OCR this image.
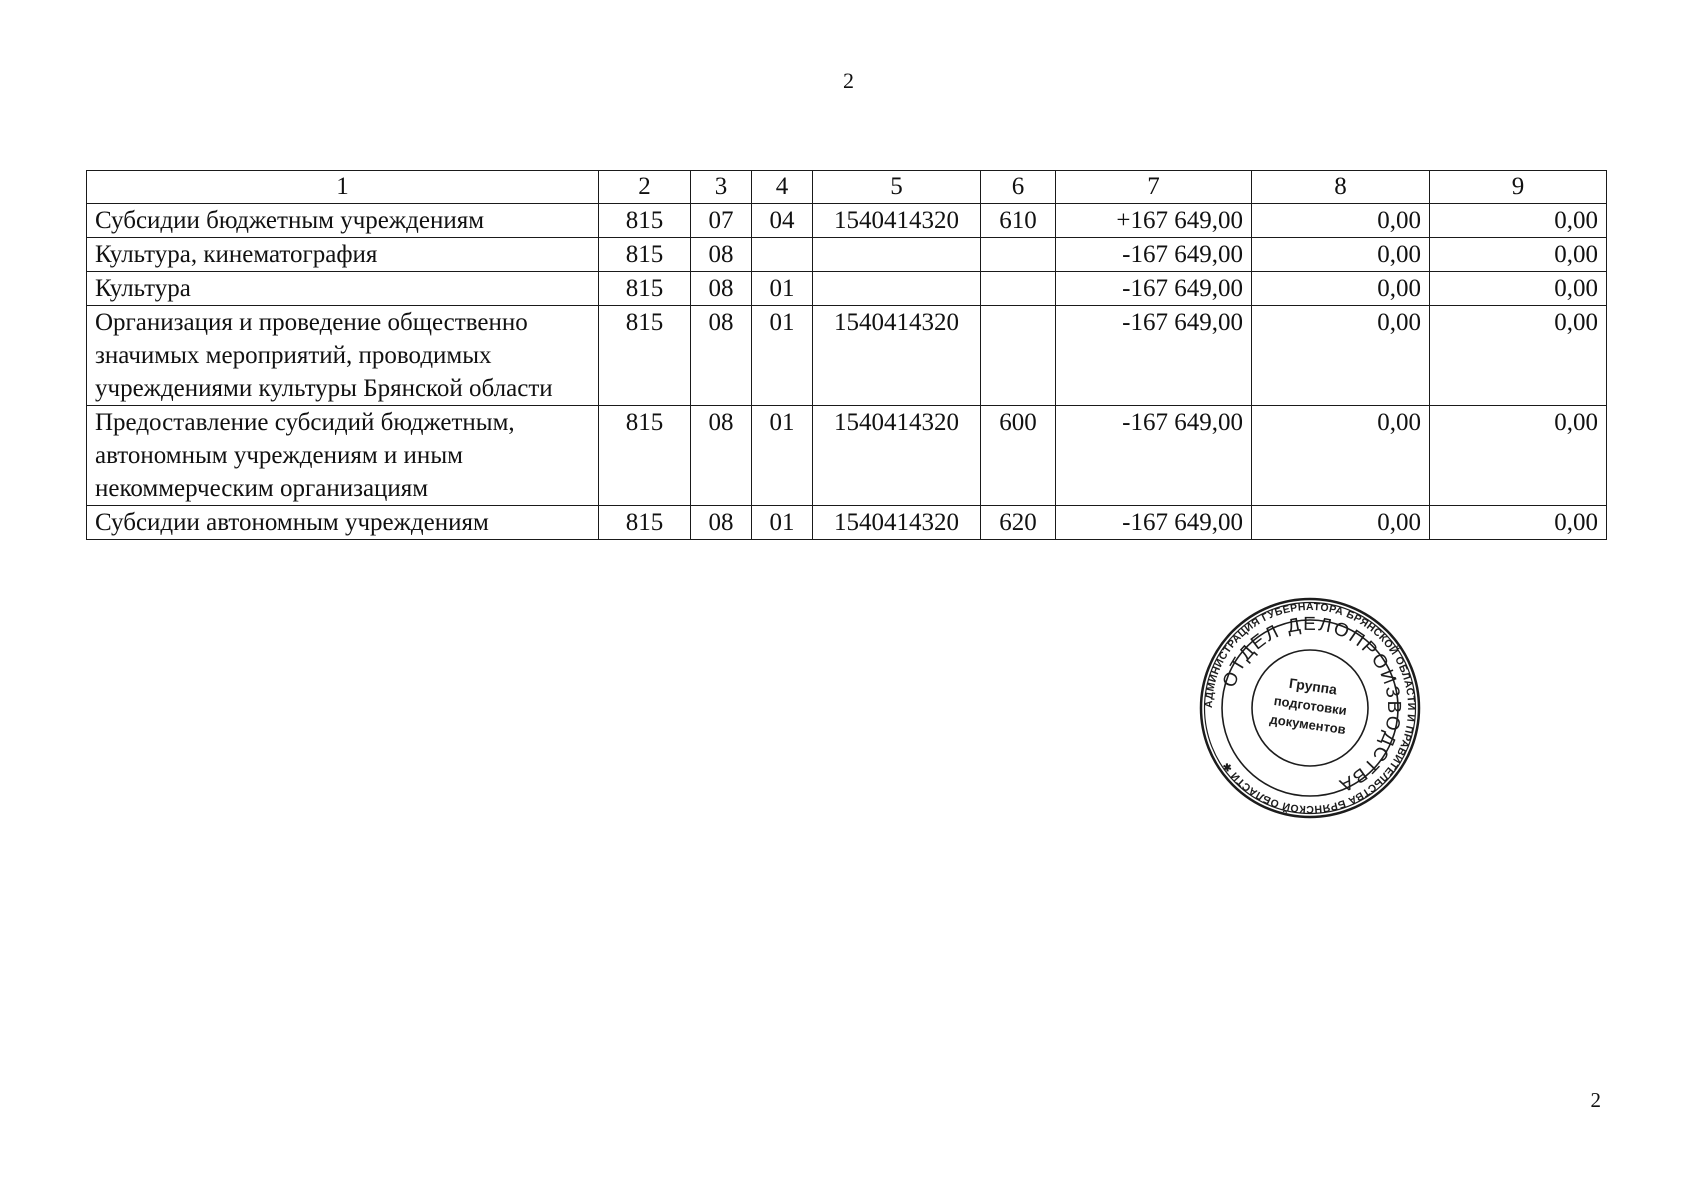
2
1	2	3	4	5	6	7	8	9
Субсидии бюджетным учреждениям	815	07	04	1540414320	610	+167 649,00	0,00	0,00
Культура, кинематография	815	08				-167 649,00	0,00	0,00
Культура	815	08	01			-167 649,00	0,00	0,00
Организация и проведение общественно значимых мероприятий, проводимых учреждениями культуры Брянской области	815	08	01	1540414320		-167 649,00	0,00	0,00
Предоставление субсидий бюджетным, автономным учреждениям и иным некоммерческим организациям	815	08	01	1540414320	600	-167 649,00	0,00	0,00
Субсидии автономным учреждениям	815	08	01	1540414320	620	-167 649,00	0,00	0,00
АДМИНИСТРАЦИЯ ГУБЕРНАТОРА БРЯНСКОЙ ОБЛАСТИ И ПРАВИТЕЛЬСТВА БРЯНСКОЙ ОБЛАСТИ ✱
ОТДЕЛ ДЕЛОПРОИЗВОДСТВА
Группа
подготовки
документов
2
